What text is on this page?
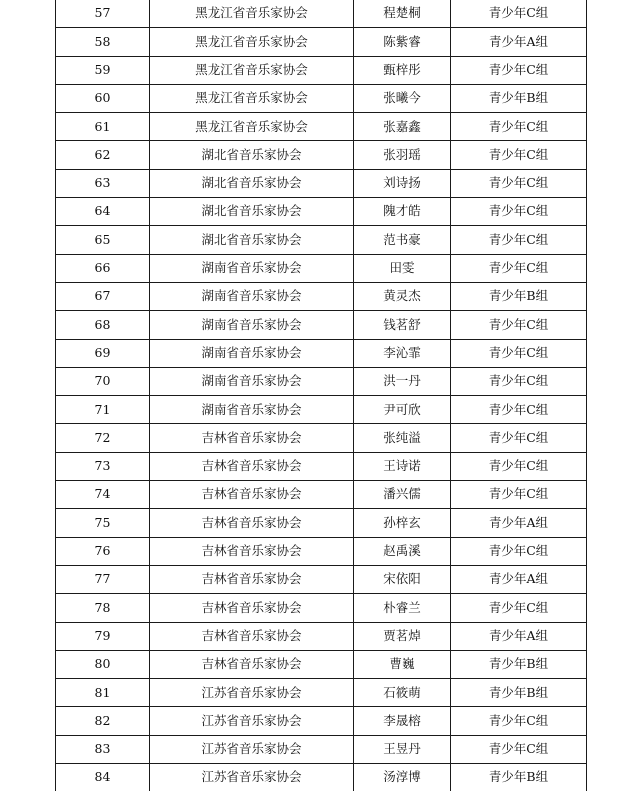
57	黑龙江省音乐家协会	程楚桐	青少年C组
58	黑龙江省音乐家协会	陈紫睿	青少年A组
59	黑龙江省音乐家协会	甄梓彤	青少年C组
60	黑龙江省音乐家协会	张曦今	青少年B组
61	黑龙江省音乐家协会	张嘉鑫	青少年C组
62	湖北省音乐家协会	张羽瑶	青少年C组
63	湖北省音乐家协会	刘诗扬	青少年C组
64	湖北省音乐家协会	隗才皓	青少年C组
65	湖北省音乐家协会	范书豪	青少年C组
66	湖南省音乐家协会	田雯	青少年C组
67	湖南省音乐家协会	黄灵杰	青少年B组
68	湖南省音乐家协会	钱茗舒	青少年C组
69	湖南省音乐家协会	李沁霏	青少年C组
70	湖南省音乐家协会	洪一丹	青少年C组
71	湖南省音乐家协会	尹可欣	青少年C组
72	吉林省音乐家协会	张纯溢	青少年C组
73	吉林省音乐家协会	王诗诺	青少年C组
74	吉林省音乐家协会	潘兴儒	青少年C组
75	吉林省音乐家协会	孙梓玄	青少年A组
76	吉林省音乐家协会	赵禹溪	青少年C组
77	吉林省音乐家协会	宋依阳	青少年A组
78	吉林省音乐家协会	朴睿兰	青少年C组
79	吉林省音乐家协会	贾茗焯	青少年A组
80	吉林省音乐家协会	曹巍	青少年B组
81	江苏省音乐家协会	石筱萌	青少年B组
82	江苏省音乐家协会	李晟榕	青少年C组
83	江苏省音乐家协会	王昱丹	青少年C组
84	江苏省音乐家协会	汤淳博	青少年B组
